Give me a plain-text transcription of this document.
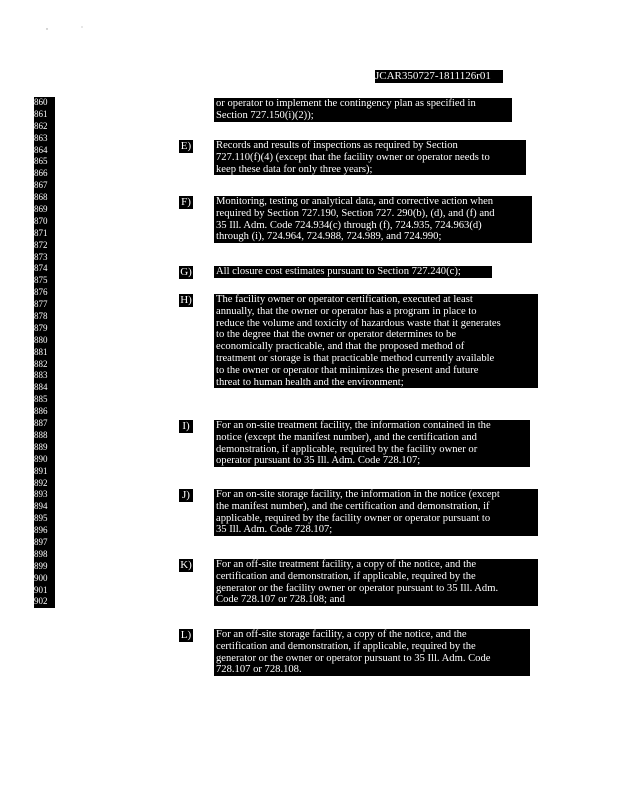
JCAR350727-1811126r01
860
861
862
863
864
865
866
867
868
869
870
871
872
873
874
875
876
877
878
879
880
881
882
883
884
885
886
887
888
889
890
891
892
893
894
895
896
897
898
899
900
901
902
or operator to implement the contingency plan as specified in
Section 727.150(i)(2));
E) Records and results of inspections as required by Section
727.110(f)(4) (except that the facility owner or operator needs to
keep these data for only three years);
F) Monitoring, testing or analytical data, and corrective action when
required by Section 727.190, Section 727. 290(b), (d), and (f) and
35 Ill. Adm. Code 724.934(c) through (f), 724.935, 724.963(d)
through (i), 724.964, 724.988, 724.989, and 724.990;
G) All closure cost estimates pursuant to Section 727.240(c);
H) The facility owner or operator certification, executed at least
annually, that the owner or operator has a program in place to
reduce the volume and toxicity of hazardous waste that it generates
to the degree that the owner or operator determines to be
economically practicable, and that the proposed method of
treatment or storage is that practicable method currently available
to the owner or operator that minimizes the present and future
threat to human health and the environment;
I)	For an on-site treatment facility, the information contained in the
notice (except the manifest number), and the certification and
demonstration, if applicable, required by the facility owner or
operator pursuant to 35 Ill. Adm. Code 728.107;
J) For an on-site storage facility, the information in the notice (except
the manifest number), and the certification and demonstration, if
applicable, required by the facility owner or operator pursuant to
35 Ill. Adm. Code 728.107;
K) For an off-site treatment facility, a copy of the notice, and the
certification and demonstration, if applicable, required by the
generator or the facility owner or operator pursuant to 35 Ill. Adm.
Code 728.107 or 728.108; and
L) For an off-site storage facility, a copy of the notice, and the
certification and demonstration, if applicable, required by the
generator or the owner or operator pursuant to 35 Ill. Adm. Code
728.107 or 728.108.
